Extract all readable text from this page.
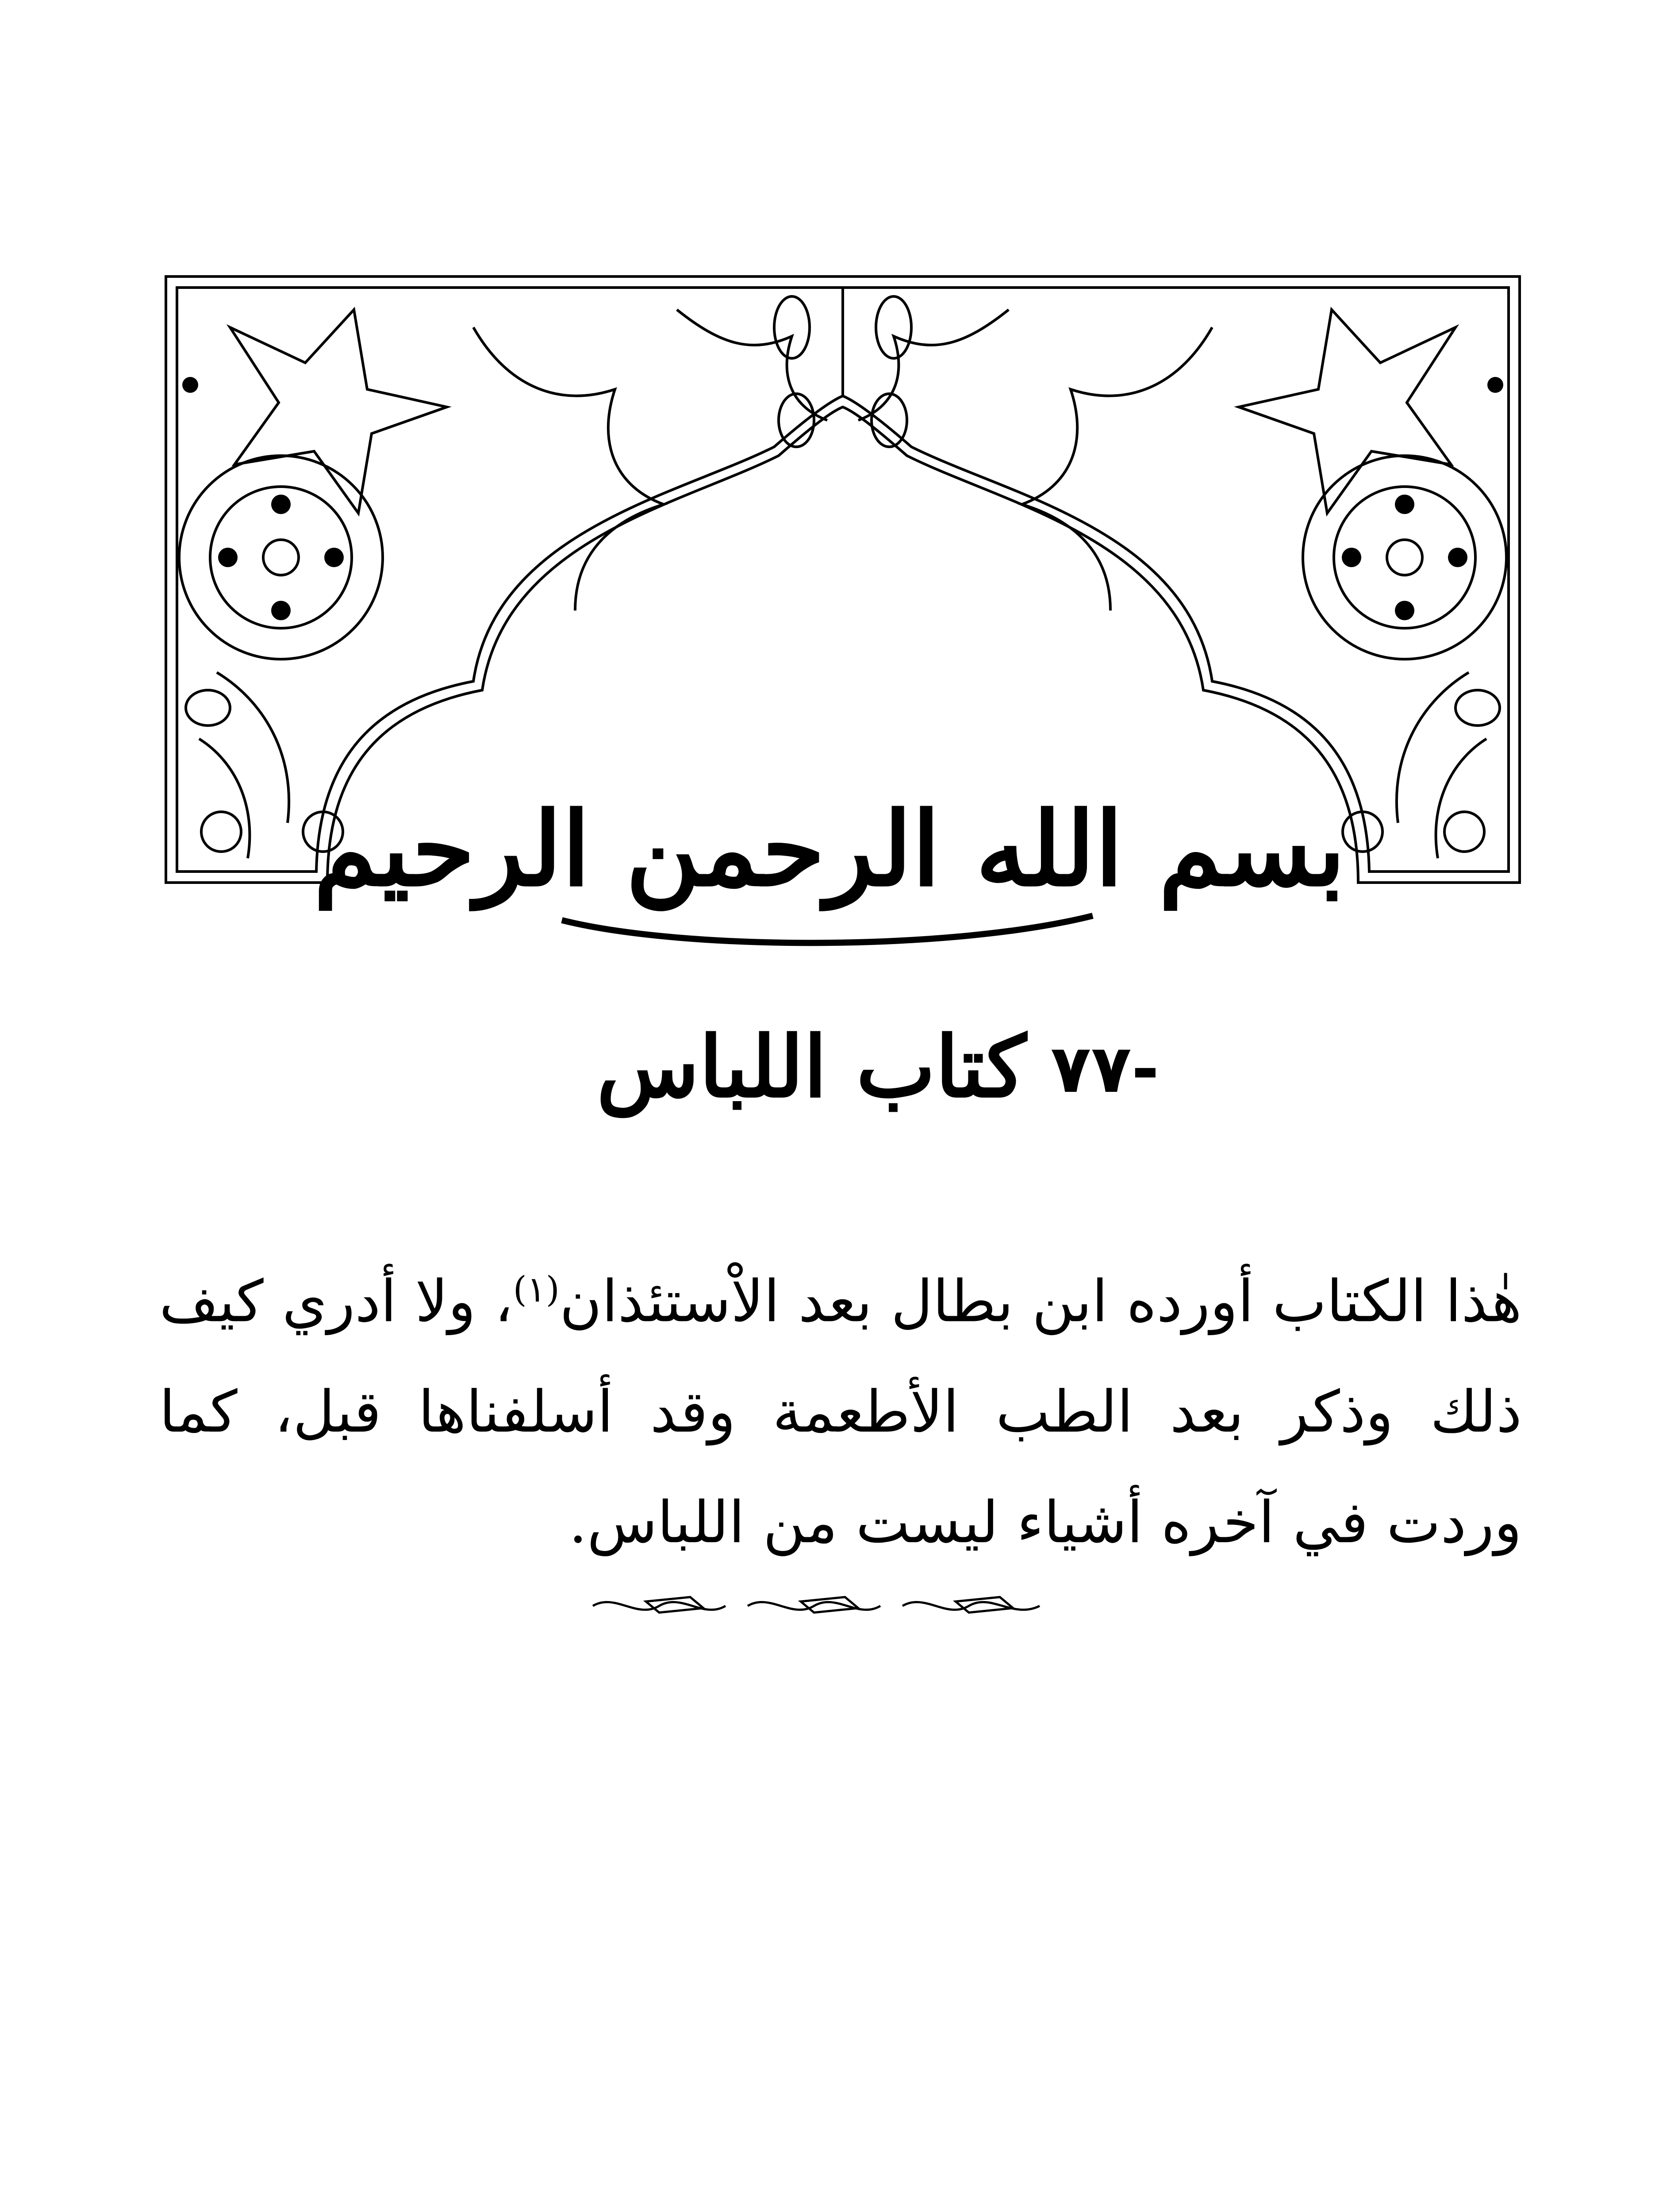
بسم الله الرحمن الرحيم
-٧٧
كتاب اللباس
هٰذا الكتاب أورده ابن بطال بعد الاْستئذان$^{(١)}$، ولا أدري كيف ذلك وذكر بعد الطب الأطعمة وقد أسلفناها قبل، كما وردت في آخره أشياء ليست من اللباس.
